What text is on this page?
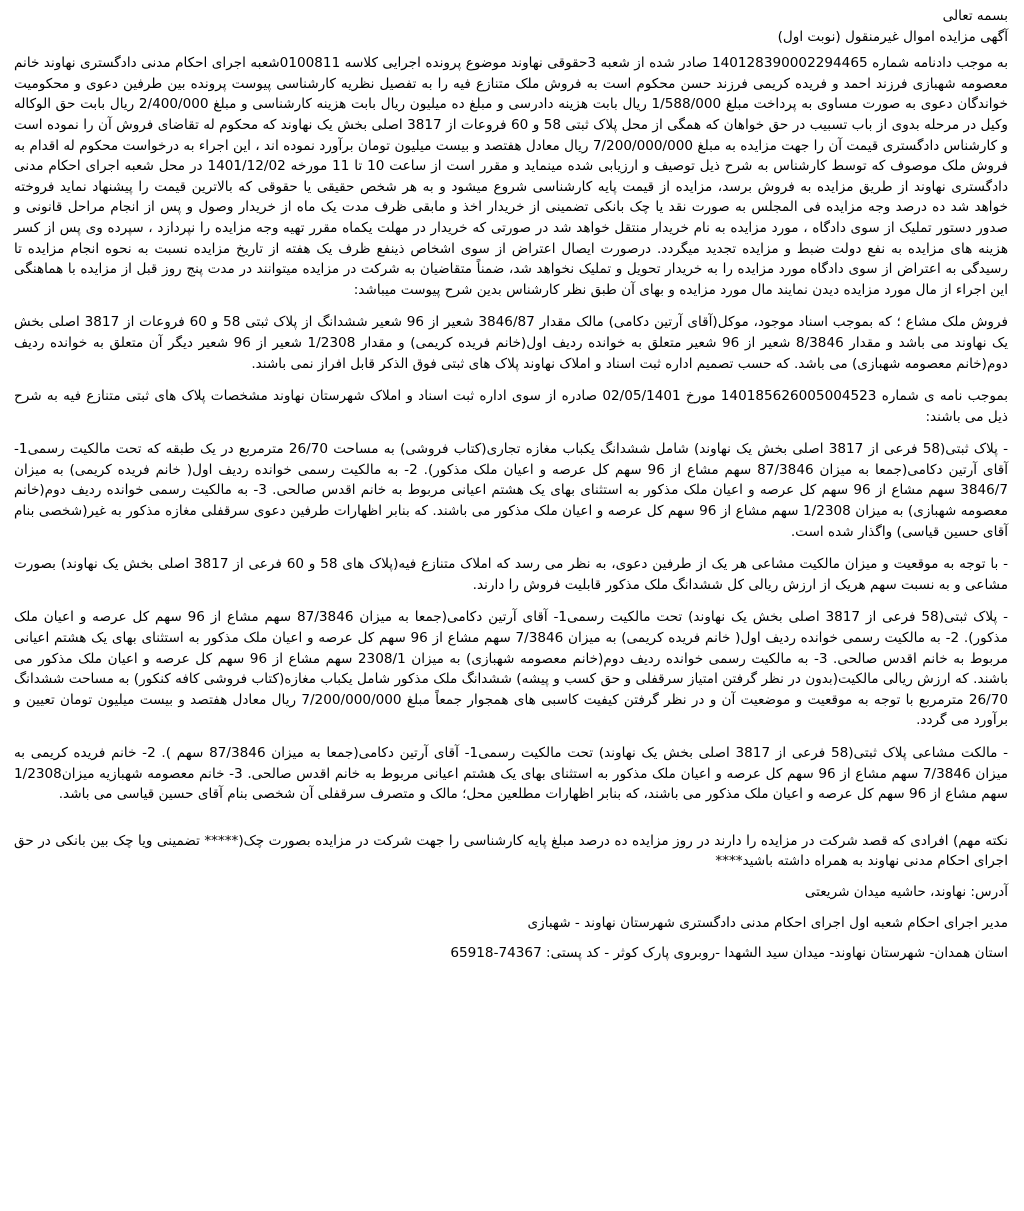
بسمه تعالی

آگهی مزایده اموال غیرمنقول (نوبت اول)

به موجب دادنامه شماره 140128390002294465 صادر شده از شعبه 3حقوقی نهاوند موضوع پرونده اجرایی کلاسه 0100811شعبه اجرای احکام مدنی دادگستری نهاوند خانم معصومه شهبازی فرزند احمد و فریده کریمی فرزند حسن محکوم است به فروش ملک متنازع فیه را به تفصیل نظریه کارشناسی پیوست پرونده بین طرفین دعوی و محکومیت خواندگان دعوی به صورت مساوی به پرداخت مبلغ 1/588/000 ریال بابت هزینه دادرسی و مبلغ ده میلیون ریال بابت هزینه کارشناسی و مبلغ 2/400/000 ریال بابت حق الوکاله وکیل در مرحله بدوی از باب تسبیب در حق خواهان که همگی از محل پلاک ثبتی 58 و 60 فروعات از 3817 اصلی بخش یک نهاوند که محکوم له تقاضای فروش آن را نموده است و کارشناس دادگستری قیمت آن را جهت مزایده به مبلغ 7/200/000/000 ریال معادل هفتصد و بیست میلیون تومان برآورد نموده اند ، این اجراء به درخواست محکوم له اقدام به فروش ملک موصوف که توسط کارشناس به شرح ذیل توصیف و ارزیابی شده مینماید و مقرر است از ساعت 10 تا 11 مورخه 1401/12/02 در محل شعبه اجرای احکام مدنی دادگستری نهاوند از طریق مزایده به فروش برسد، مزایده از قیمت پایه کارشناسی شروع میشود و به هر شخص حقیقی یا حقوقی که بالاترین قیمت را پیشنهاد نماید فروخته خواهد شد ده درصد وجه مزایده فی المجلس به صورت نقد یا چک بانکی تضمینی از خریدار اخذ و مابقی ظرف مدت یک ماه از خریدار وصول و پس از انجام مراحل قانونی و صدور دستور تملیک از سوی دادگاه ، مورد مزایده به نام خریدار منتقل خواهد شد در صورتی که خریدار در مهلت یکماه مقرر تهیه وجه مزایده را نپردازد ، سپرده وی پس از کسر هزینه های مزایده به نفع دولت ضبط و مزایده تجدید میگردد. درصورت ایصال اعتراض از سوی اشخاص ذینفع ظرف یک هفته از تاریخ مزایده نسبت به نحوه انجام مزایده تا رسیدگی به اعتراض از سوی دادگاه مورد مزایده را به خریدار تحویل و تملیک نخواهد شد، ضمناً متقاضیان به شرکت در مزایده میتوانند در مدت پنج روز قبل از مزایده با هماهنگی این اجراء از مال مورد مزایده دیدن نمایند مال مورد مزایده و بهای آن طبق نظر کارشناس بدین شرح پیوست میباشد:

فروش ملک مشاع ؛ که بموجب اسناد موجود، موکل(آقای آرتین دکامی) مالک مقدار 3846/87 شعیر از 96 شعیر ششدانگ از پلاک ثبتی 58 و 60 فروعات از 3817 اصلی بخش یک نهاوند می باشد و مقدار 8/3846 شعیر از 96 شعیر متعلق به خوانده ردیف اول(خانم فریده کریمی) و مقدار 1/2308 شعیر از 96 شعیر دیگر آن متعلق به خوانده ردیف دوم(خانم معصومه شهبازی) می باشد. که حسب تصمیم اداره ثبت اسناد و املاک نهاوند پلاک های ثبتی فوق الذکر قابل افراز نمی باشند.

بموجب نامه ی شماره 140185626005004523 مورخ 02/05/1401 صادره از سوی اداره ثبت اسناد و املاک شهرستان نهاوند مشخصات پلاک های ثبتی متنازع فیه به شرح ذیل می باشند:

- پلاک ثبتی(58 فرعی از 3817 اصلی بخش یک نهاوند) شامل ششدانگ یکباب مغازه تجاری(کتاب فروشی) به مساحت 26/70 مترمربع در یک طبقه که تحت مالکیت رسمی1- آقای آرتین دکامی(جمعا به میزان 87/3846 سهم مشاع از 96 سهم کل عرصه و اعیان ملک مذکور). 2- به مالکیت رسمی خوانده ردیف اول( خانم فریده کریمی) به میزان 3846/7 سهم مشاع از 96 سهم کل عرصه و اعیان ملک مذکور به استثنای بهای یک هشتم اعیانی مربوط به خانم اقدس صالحی. 3- به مالکیت رسمی خوانده ردیف دوم(خانم معصومه شهبازی) به میزان 1/2308 سهم مشاع از 96 سهم کل عرصه و اعیان ملک مذکور می باشند. که بنابر اظهارات طرفین دعوی سرقفلی مغازه مذکور به غیر(شخصی بنام آقای حسین قیاسی) واگذار شده است.

- با توجه به موقعیت و میزان مالکیت مشاعی هر یک از طرفین دعوی، به نظر می رسد که املاک متنازع فیه(پلاک های 58 و 60 فرعی از 3817 اصلی بخش یک نهاوند) بصورت مشاعی و به نسبت سهم هریک از ارزش ریالی کل ششدانگ ملک مذکور قابلیت فروش را دارند.

- پلاک ثبتی(58 فرعی از 3817 اصلی بخش یک نهاوند) تحت مالکیت رسمی1- آقای آرتین دکامی(جمعا به میزان 87/3846 سهم مشاع از 96 سهم کل عرصه و اعیان ملک مذکور). 2- به مالکیت رسمی خوانده ردیف اول( خانم فریده کریمی) به میزان 7/3846 سهم مشاع از 96 سهم کل عرصه و اعیان ملک مذکور به استثنای بهای یک هشتم اعیانی مربوط به خانم اقدس صالحی. 3- به مالکیت رسمی خوانده ردیف دوم(خانم معصومه شهبازی) به میزان 2308/1 سهم مشاع از 96 سهم کل عرصه و اعیان ملک مذکور می باشند. که ارزش ریالی مالکیت(بدون در نظر گرفتن امتیاز سرقفلی و حق کسب و پیشه) ششدانگ ملک مذکور شامل یکباب مغازه(کتاب فروشی کافه کنکور) به مساحت ششدانگ 26/70 مترمربع با توجه به موقعیت و موضعیت آن و در نظر گرفتن کیفیت کاسبی های همجوار جمعاً مبلغ 7/200/000/000 ریال معادل هفتصد و بیست میلیون تومان تعیین و برآورد می گردد.

- مالکت مشاعی پلاک ثبتی(58 فرعی از 3817 اصلی بخش یک نهاوند) تحت مالکیت رسمی1- آقای آرتین دکامی(جمعا به میزان 87/3846 سهم ). 2- خانم فریده کریمی به میزان 7/3846 سهم مشاع از 96 سهم کل عرصه و اعیان ملک مذکور به استثنای بهای یک هشتم اعیانی مربوط به خانم اقدس صالحی. 3- خانم معصومه شهبازیه میزان1/2308 سهم مشاع از 96 سهم کل عرصه و اعیان ملک مذکور می باشند، که بنابر اظهارات مطلعین محل؛ مالک و متصرف سرقفلی آن شخصی بنام آقای حسین قیاسی می باشد.

نکته مهم) افرادی که قصد شرکت در مزایده را دارند در روز مزایده ده درصد مبلغ پایه کارشناسی را جهت شرکت در مزایده بصورت چک(***** تضمینی ویا چک بین بانکی در حق اجرای احکام مدنی نهاوند به همراه داشته باشید****

آدرس: نهاوند، حاشیه میدان شریعتی

مدیر اجرای احکام شعبه اول اجرای احکام مدنی دادگستری شهرستان نهاوند - شهبازی

استان همدان- شهرستان نهاوند- میدان سید الشهدا -روبروی پارک کوثر - کد پستی: 74367-65918
